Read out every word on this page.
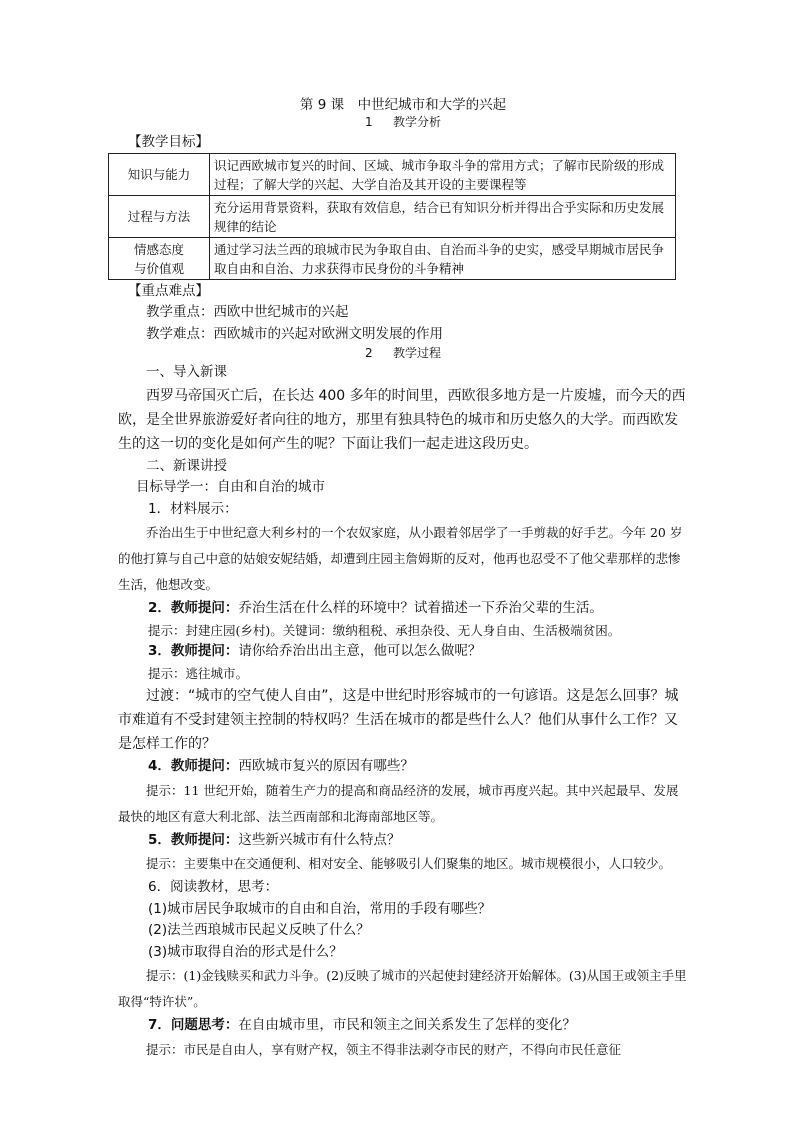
第 9 课　中世纪城市和大学的兴起
1 教学分析
【教学目标】
知识与能力	识记西欧城市复兴的时间、区域、城市争取斗争的常用方式；了解市民阶级的形成过程；了解大学的兴起、大学自治及其开设的主要课程等
过程与方法	充分运用背景资料，获取有效信息，结合已有知识分析并得出合乎实际和历史发展规律的结论

情感态度
与价值观	通过学习法兰西的琅城市民为争取自由、自治而斗争的史实，感受早期城市居民争取自由和自治、力求获得市民身份的斗争精神
【重点难点】
教学重点：西欧中世纪城市的兴起
教学难点：西欧城市的兴起对欧洲文明发展的作用
2 教学过程
一、导入新课
西罗马帝国灭亡后，在长达 400 多年的时间里，西欧很多地方是一片废墟，而今天的西欧，是全世界旅游爱好者向往的地方，那里有独具特色的城市和历史悠久的大学。而西欧发生的这一切的变化是如何产生的呢？下面让我们一起走进这段历史。
二、新课讲授
目标导学一：自由和自治的城市
1．材料展示：
乔治出生于中世纪意大利乡村的一个农奴家庭，从小跟着邻居学了一手剪裁的好手艺。今年 20 岁的他打算与自己中意的姑娘安妮结婚，却遭到庄园主詹姆斯的反对，他再也忍受不了他父辈那样的悲惨生活，他想改变。
2．教师提问：乔治生活在什么样的环境中？试着描述一下乔治父辈的生活。
提示：封建庄园(乡村)。关键词：缴纳租税、承担杂役、无人身自由、生活极端贫困。
3．教师提问：请你给乔治出出主意，他可以怎么做呢？
提示：逃往城市。
过渡：“城市的空气使人自由”，这是中世纪时形容城市的一句谚语。这是怎么回事？城市难道有不受封建领主控制的特权吗？生活在城市的都是些什么人？他们从事什么工作？又是怎样工作的？
4．教师提问：西欧城市复兴的原因有哪些？
提示：11 世纪开始，随着生产力的提高和商品经济的发展，城市再度兴起。其中兴起最早、发展最快的地区有意大利北部、法兰西南部和北海南部地区等。
5．教师提问：这些新兴城市有什么特点？
提示：主要集中在交通便利、相对安全、能够吸引人们聚集的地区。城市规模很小，人口较少。
6．阅读教材，思考：
(1)城市居民争取城市的自由和自治，常用的手段有哪些？
(2)法兰西琅城市民起义反映了什么？
(3)城市取得自治的形式是什么？
提示：(1)金钱赎买和武力斗争。(2)反映了城市的兴起使封建经济开始解体。(3)从国王或领主手里取得“特许状”。
7．问题思考：在自由城市里，市民和领主之间关系发生了怎样的变化？
提示：市民是自由人，享有财产权，领主不得非法剥夺市民的财产，不得向市民任意征
